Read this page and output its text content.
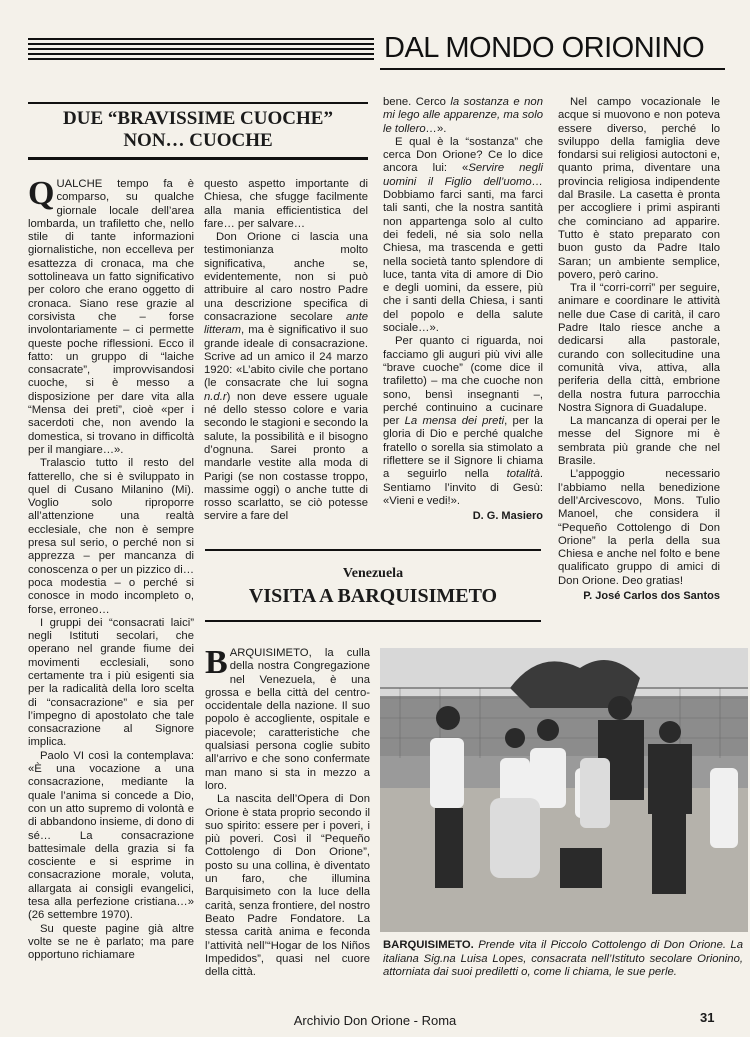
DAL MONDO ORIONINO
DUE “BRAVISSIME CUOCHE”
NON… CUOCHE

QUALCHE tempo fa è comparso, su qualche giornale locale dell’area lombarda, un trafiletto che, nello stile di tante informazioni giornalistiche, non eccelleva per esattezza di cronaca, ma che sottolineava un fatto significativo per coloro che erano oggetto di cronaca. Siano rese grazie al corsivista che – forse involontariamente – ci permette queste poche riflessioni. Ecco il fatto: un gruppo di “laiche consacrate”, improvvisandosi cuoche, si è messo a disposizione per dare vita alla “Mensa dei preti”, cioè «per i sacerdoti che, non avendo la domestica, si trovano in difficoltà per il mangiare…».

Tralascio tutto il resto del fatterello, che si è sviluppato in quel di Cusano Milanino (Mi). Voglio solo riproporre all’attenzione una realtà ecclesiale, che non è sempre presa sul serio, o perché non si apprezza – per mancanza di conoscenza o per un pizzico di… poca modestia – o perché si conosce in modo incompleto o, forse, erroneo…

I gruppi dei “consacrati laici” negli Istituti secolari, che operano nel grande fiume dei movimenti ecclesiali, sono certamente tra i più esigenti sia per la radicalità della loro scelta di “consacrazione” e sia per l’impegno di apostolato che tale consacrazione al Signore implica.

Paolo VI così la contemplava: «È una vocazione a una consacrazione, mediante la quale l’anima si concede a Dio, con un atto supremo di volontà e di abbandono insieme, di dono di sé… La consacrazione battesimale della grazia si fa cosciente e si esprime in consacrazione morale, voluta, allargata ai consigli evangelici, tesa alla perfezione cristiana…» (26 settembre 1970).

Su queste pagine già altre volte se ne è parlato; ma pare opportuno richiamare

questo aspetto importante di Chiesa, che sfugge facilmente alla mania efficientistica del fare… per salvare…

Don Orione ci lascia una testimonianza molto significativa, anche se, evidentemente, non si può attribuire al caro nostro Padre una descrizione specifica di consacrazione secolare ante litteram, ma è significativo il suo grande ideale di consacrazione. Scrive ad un amico il 24 marzo 1920: «L’abito civile che portano (le consacrate che lui sogna n.d.r) non deve essere uguale né dello stesso colore e varia secondo le stagioni e secondo la salute, la possibilità e il bisogno d’ognuna. Sarei pronto a mandarle vestite alla moda di Parigi (se non costasse troppo, massime oggi) o anche tutte di rosso scarlatto, se ciò potesse servire a fare del

bene. Cerco la sostanza e non mi lego alle apparenze, ma solo le tollero…».

E qual è la “sostanza” che cerca Don Orione? Ce lo dice ancora lui: «Servire negli uomini il Figlio dell’uomo… Dobbiamo farci santi, ma farci tali santi, che la nostra santità non appartenga solo al culto dei fedeli, né sia solo nella Chiesa, ma trascenda e getti nella società tanto splendore di luce, tanta vita di amore di Dio e degli uomini, da essere, più che i santi della Chiesa, i santi del popolo e della salute sociale…».

Per quanto ci riguarda, noi facciamo gli auguri più vivi alle “brave cuoche” (come dice il trafiletto) – ma che cuoche non sono, bensì insegnanti –, perché continuino a cucinare per La mensa dei preti, per la gloria di Dio e perché qualche fratello o sorella sia stimolato a riflettere se il Signore li chiama a seguirlo nella totalità. Sentiamo l’invito di Gesù: «Vieni e vedi!».

D. G. Masiero
Venezuela
VISITA A BARQUISIMETO

BARQUISIMETO, la culla della nostra Congregazione nel Venezuela, è una grossa e bella città del centro-occidentale della nazione. Il suo popolo è accogliente, ospitale e piacevole; caratteristiche che qualsiasi persona coglie subito all’arrivo e che sono confermate man mano si sta in mezzo a loro.

La nascita dell’Opera di Don Orione è stata proprio secondo il suo spirito: essere per i poveri, i più poveri. Così il “Pequeño Cottolengo di Don Orione”, posto su una collina, è diventato un faro, che illumina Barquisimeto con la luce della carità, senza frontiere, del nostro Beato Padre Fondatore. La stessa carità anima e feconda l’attività nell’“Hogar de los Niños Impedidos”, quasi nel cuore della città.

Nel campo vocazionale le acque si muovono e non poteva essere diverso, perché lo sviluppo della famiglia deve fondarsi sui religiosi autoctoni e, quanto prima, diventare una provincia religiosa indipendente dal Brasile. La casetta è pronta per accogliere i primi aspiranti che cominciano ad apparire. Tutto è stato preparato con buon gusto da Padre Italo Saran; un ambiente semplice, povero, però carino.

Tra il “corri-corri” per seguire, animare e coordinare le attività nelle due Case di carità, il caro Padre Italo riesce anche a dedicarsi alla pastorale, curando con sollecitudine una comunità viva, attiva, alla periferia della città, embrione della nostra futura parrocchia Nostra Signora di Guadalupe.

La mancanza di operai per le messe del Signore mi è sembrata più grande che nel Brasile.

L’appoggio necessario l’abbiamo nella benedizione dell’Arcivescovo, Mons. Tulio Manoel, che considera il “Pequeño Cottolengo di Don Orione” la perla della sua Chiesa e anche nel folto e bene qualificato gruppo di amici di Don Orione. Deo gratias!

P. José Carlos dos Santos
BARQUISIMETO. Prende vita il Piccolo Cottolengo di Don Orione. La italiana Sig.na Luisa Lopes, consacrata nell’Istituto secolare Orionino, attorniata dai suoi prediletti o, come li chiama, le sue perle.
Archivio Don Orione - Roma	31
